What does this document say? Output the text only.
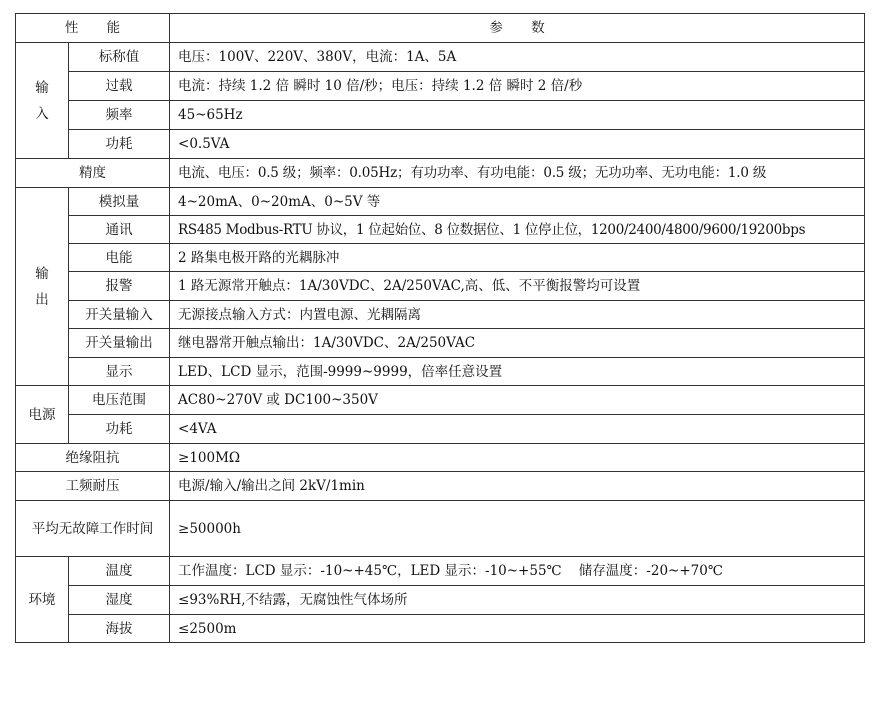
性 能		参 数
输入	标称值	电压：100V、220V、380V，电流：1A、5A
	过载	电流：持续 1.2 倍 瞬时 10 倍/秒；电压：持续 1.2 倍 瞬时 2 倍/秒
	频率	45~65Hz
	功耗	<0.5VA
精度		电流、电压：0.5 级；频率：0.05Hz；有功功率、有功电能：0.5 级；无功功率、无功电能：1.0 级
输出	模拟量	4~20mA、0~20mA、0~5V 等
	通讯	RS485 Modbus-RTU 协议，1 位起始位、8 位数据位、1 位停止位，1200/2400/4800/9600/19200bps
	电能	2 路集电极开路的光耦脉冲
	报警	1 路无源常开触点：1A/30VDC、2A/250VAC,高、低、不平衡报警均可设置
	开关量输入	无源接点输入方式：内置电源、光耦隔离
	开关量输出	继电器常开触点输出：1A/30VDC、2A/250VAC
	显示	LED、LCD 显示，范围-9999~9999，倍率任意设置
电源	电压范围	AC80~270V 或 DC100~350V
	功耗	<4VA
绝缘阻抗		≥100MΩ
工频耐压		电源/输入/输出之间 2kV/1min
平均无故障工作时间		≥50000h
环境	温度	工作温度：LCD 显示：-10~+45℃，LED 显示：-10~+55℃    储存温度：-20~+70℃
	湿度	≤93%RH,不结露，无腐蚀性气体场所
	海拔	≤2500m
